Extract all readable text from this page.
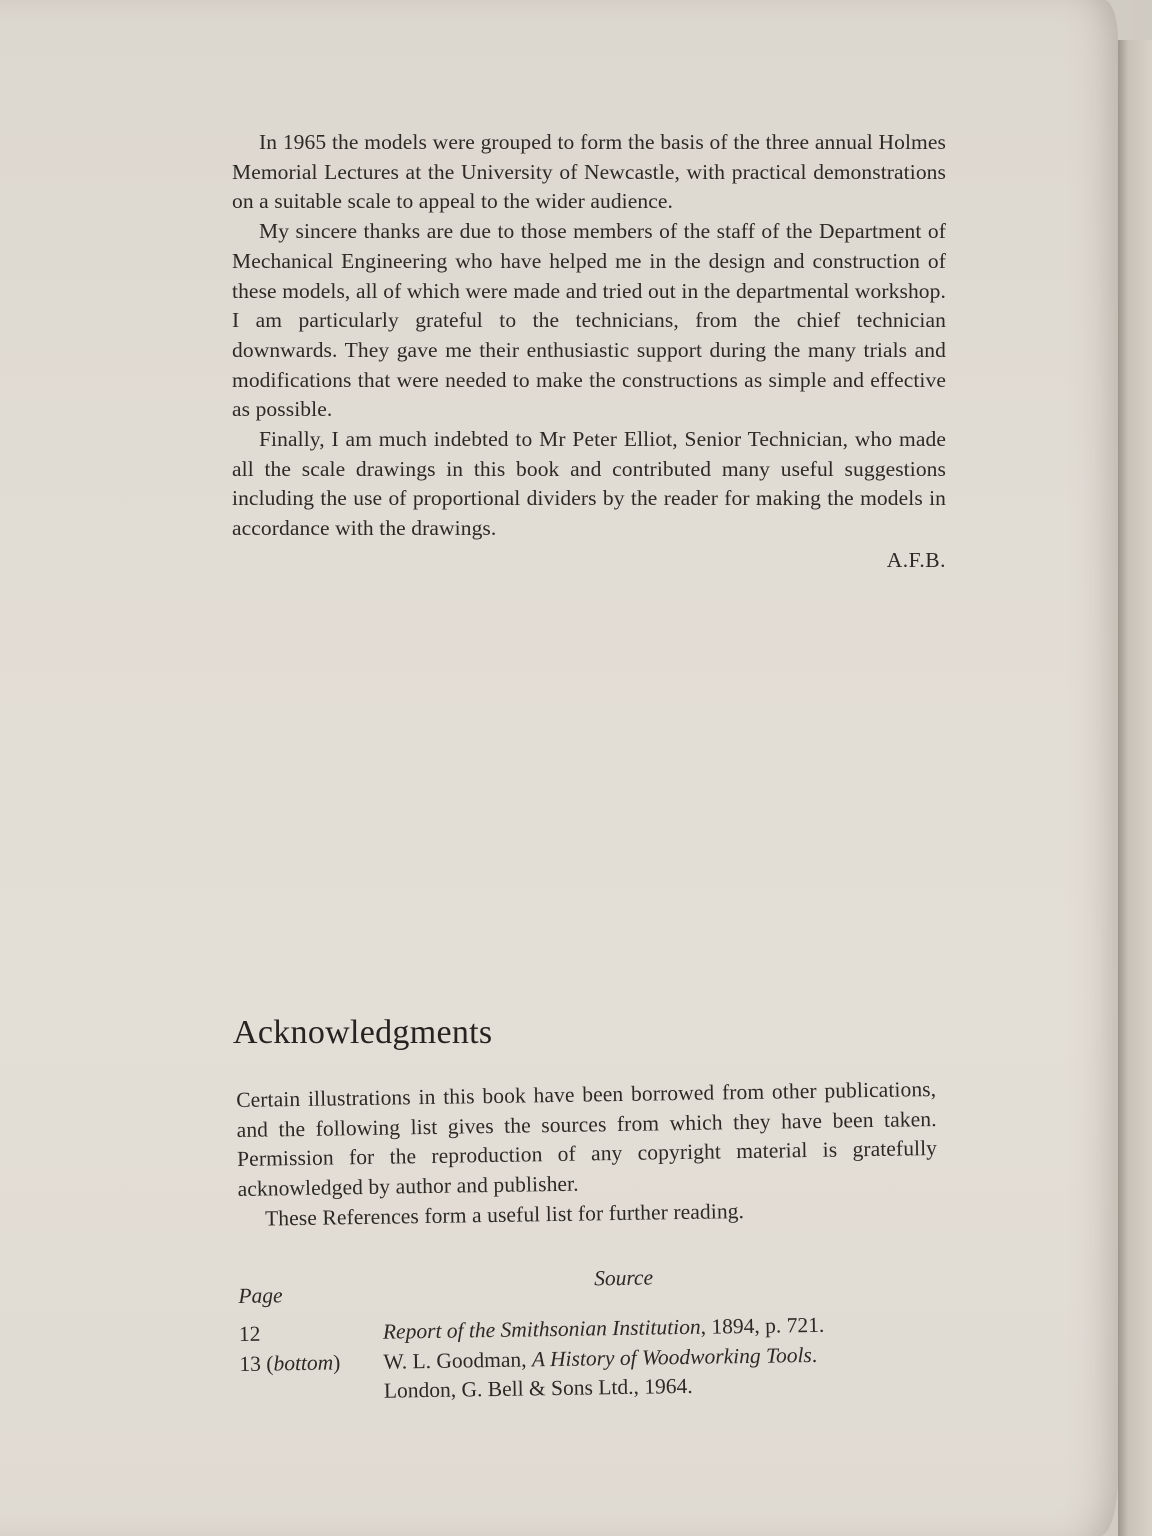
In 1965 the models were grouped to form the basis of the three annual Holmes Memorial Lectures at the University of Newcastle, with practical demonstrations on a suitable scale to appeal to the wider audience.

My sincere thanks are due to those members of the staff of the Department of Mechanical Engineering who have helped me in the design and construction of these models, all of which were made and tried out in the departmental workshop. I am particularly grateful to the technicians, from the chief technician downwards. They gave me their enthusiastic support during the many trials and modifications that were needed to make the constructions as simple and effective as possible.

Finally, I am much indebted to Mr Peter Elliot, Senior Technician, who made all the scale drawings in this book and contributed many useful suggestions including the use of proportional dividers by the reader for making the models in accordance with the drawings.

A.F.B.
Acknowledgments

Certain illustrations in this book have been borrowed from other publications, and the following list gives the sources from which they have been taken. Permission for the reproduction of any copyright material is gratefully acknowledged by author and publisher.

These References form a useful list for further reading.

Page
Source
12	Report of the Smithsonian Institution, 1894, p. 721.
13 (bottom)	W. L. Goodman, A History of Woodworking Tools.
London, G. Bell & Sons Ltd., 1964.
